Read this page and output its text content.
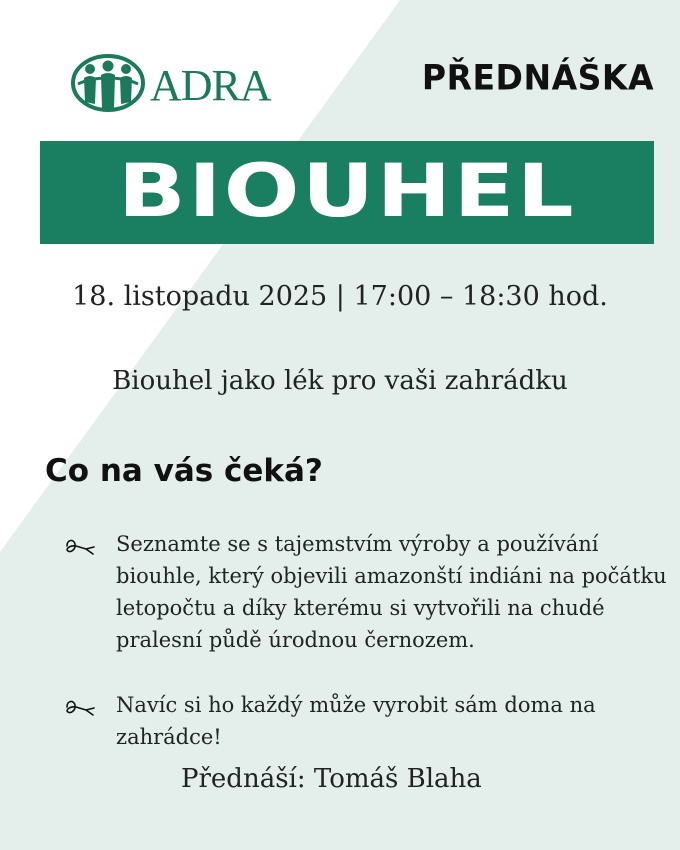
ADRA	PŘEDNÁŠKA
BIOUHEL
18. listopadu 2025 | 17:00 – 18:30 hod.
Biouhel jako lék pro vaši zahrádku
Co na vás čeká?
Seznamte se s tajemstvím výroby a používání biouhle, který objevili amazonští indiáni na počátku letopočtu a díky kterému si vytvořili na chudé pralesní půdě úrodnou černozem.
Navíc si ho každý může vyrobit sám doma na zahrádce!
Přednáší: Tomáš Blaha
